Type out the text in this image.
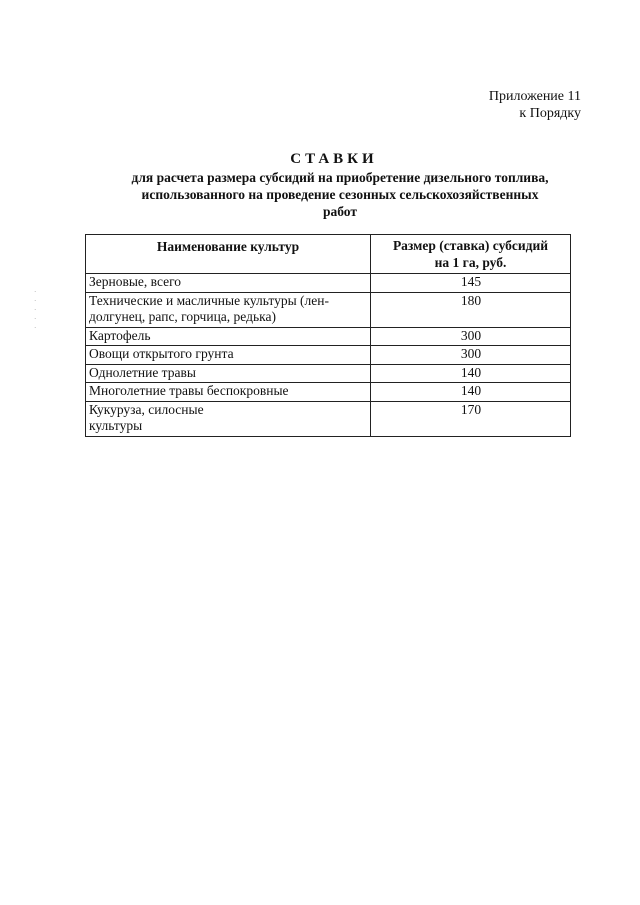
Приложение 11
к Порядку
СТАВКИ
для расчета размера субсидий на приобретение дизельного топлива, использованного на проведение сезонных сельскохозяйственных работ
·
·
·
·
·
Наименование культур	Размер (ставка) субсидий
на 1 га, руб.

Зерновые, всего	145
Технические и масличные культуры (лен-долгунец, рапс, горчица, редька)	180
Картофель	300
Овощи открытого грунта	300
Однолетние травы	140
Многолетние травы беспокровные	140
Кукуруза, силосные культуры	170
